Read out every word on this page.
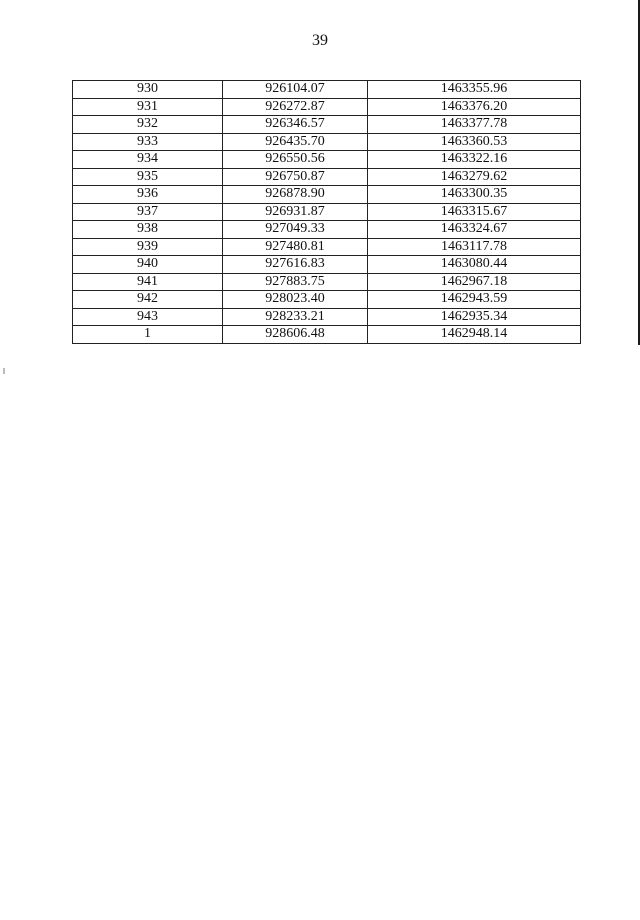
39
930	926104.07	1463355.96
931	926272.87	1463376.20
932	926346.57	1463377.78
933	926435.70	1463360.53
934	926550.56	1463322.16
935	926750.87	1463279.62
936	926878.90	1463300.35
937	926931.87	1463315.67
938	927049.33	1463324.67
939	927480.81	1463117.78
940	927616.83	1463080.44
941	927883.75	1462967.18
942	928023.40	1462943.59
943	928233.21	1462935.34
1	928606.48	1462948.14
